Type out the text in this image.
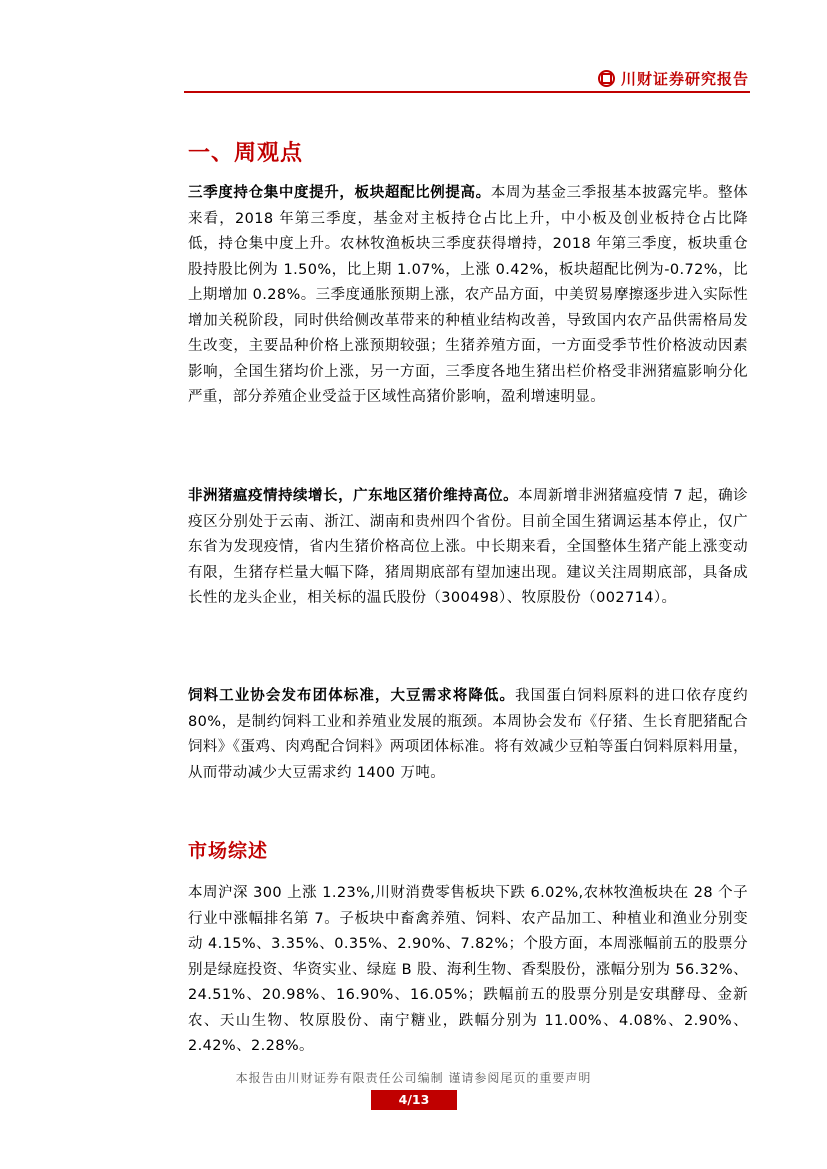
川财证券研究报告
一、周观点

三季度持仓集中度提升，板块超配比例提高。本周为基金三季报基本披露完毕。整体来看，2018 年第三季度，基金对主板持仓占比上升，中小板及创业板持仓占比降低，持仓集中度上升。农林牧渔板块三季度获得增持，2018 年第三季度，板块重仓股持股比例为 1.50%，比上期 1.07%，上涨 0.42%，板块超配比例为-0.72%，比上期增加 0.28%。三季度通胀预期上涨，农产品方面，中美贸易摩擦逐步进入实际性增加关税阶段，同时供给侧改革带来的种植业结构改善，导致国内农产品供需格局发生改变，主要品种价格上涨预期较强；生猪养殖方面，一方面受季节性价格波动因素影响，全国生猪均价上涨，另一方面，三季度各地生猪出栏价格受非洲猪瘟影响分化严重，部分养殖企业受益于区域性高猪价影响，盈利增速明显。

非洲猪瘟疫情持续增长，广东地区猪价维持高位。本周新增非洲猪瘟疫情 7 起，确诊疫区分别处于云南、浙江、湖南和贵州四个省份。目前全国生猪调运基本停止，仅广东省为发现疫情，省内生猪价格高位上涨。中长期来看，全国整体生猪产能上涨变动有限，生猪存栏量大幅下降，猪周期底部有望加速出现。建议关注周期底部，具备成长性的龙头企业，相关标的温氏股份（300498）、牧原股份（002714）。

饲料工业协会发布团体标准，大豆需求将降低。我国蛋白饲料原料的进口依存度约 80%，是制约饲料工业和养殖业发展的瓶颈。本周协会发布《仔猪、生长育肥猪配合饲料》《蛋鸡、肉鸡配合饲料》两项团体标准。将有效减少豆粕等蛋白饲料原料用量，从而带动减少大豆需求约 1400 万吨。

市场综述

本周沪深 300 上涨 1.23%,川财消费零售板块下跌 6.02%,农林牧渔板块在 28 个子行业中涨幅排名第 7。子板块中畜禽养殖、饲料、农产品加工、种植业和渔业分别变动 4.15%、3.35%、0.35%、2.90%、7.82%；个股方面，本周涨幅前五的股票分别是绿庭投资、华资实业、绿庭 B 股、海利生物、香梨股份，涨幅分别为 56.32%、24.51%、20.98%、16.90%、16.05%；跌幅前五的股票分别是安琪酵母、金新农、天山生物、牧原股份、南宁糖业，跌幅分别为 11.00%、4.08%、2.90%、2.42%、2.28%。

本报告由川财证券有限责任公司编制 谨请参阅尾页的重要声明
4/13
